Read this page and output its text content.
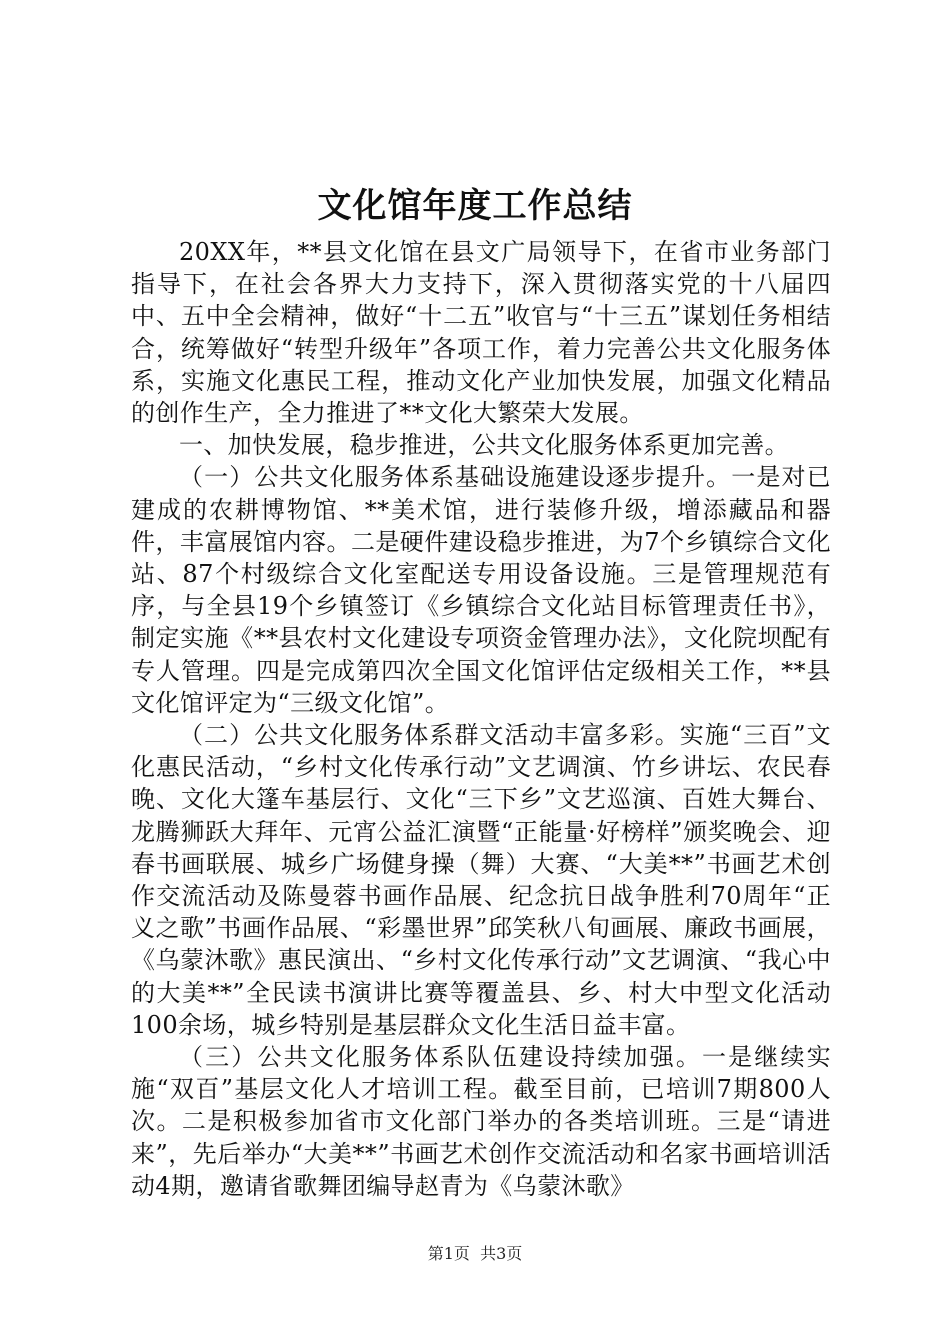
文化馆年度工作总结

20XX年，**县文化馆在县文广局领导下，在省市业务部门指导下，在社会各界大力支持下，深入贯彻落实党的十八届四中、五中全会精神，做好“十二五”收官与“十三五”谋划任务相结合，统筹做好“转型升级年”各项工作，着力完善公共文化服务体系，实施文化惠民工程，推动文化产业加快发展，加强文化精品的创作生产，全力推进了**文化大繁荣大发展。

一、加快发展，稳步推进，公共文化服务体系更加完善。

（一）公共文化服务体系基础设施建设逐步提升。一是对已建成的农耕博物馆、**美术馆，进行装修升级，增添藏品和器件，丰富展馆内容。二是硬件建设稳步推进，为7个乡镇综合文化站、87个村级综合文化室配送专用设备设施。三是管理规范有序，与全县19个乡镇签订《乡镇综合文化站目标管理责任书》，制定实施《**县农村文化建设专项资金管理办法》，文化院坝配有专人管理。四是完成第四次全国文化馆评估定级相关工作，**县文化馆评定为“三级文化馆”。

（二）公共文化服务体系群文活动丰富多彩。实施“三百”文化惠民活动，“乡村文化传承行动”文艺调演、竹乡讲坛、农民春晚、文化大篷车基层行、文化“三下乡”文艺巡演、百姓大舞台、龙腾狮跃大拜年、元宵公益汇演暨“正能量·好榜样”颁奖晚会、迎春书画联展、城乡广场健身操（舞）大赛、“大美**”书画艺术创作交流活动及陈曼蓉书画作品展、纪念抗日战争胜利70周年“正义之歌”书画作品展、“彩墨世界”邱笑秋八旬画展、廉政书画展，《乌蒙沐歌》惠民演出、“乡村文化传承行动”文艺调演、“我心中的大美**”全民读书演讲比赛等覆盖县、乡、村大中型文化活动100余场，城乡特别是基层群众文化生活日益丰富。

（三）公共文化服务体系队伍建设持续加强。一是继续实施“双百”基层文化人才培训工程。截至目前，已培训7期800人次。二是积极参加省市文化部门举办的各类培训班。三是“请进来”，先后举办“大美**”书画艺术创作交流活动和名家书画培训活动4期，邀请省歌舞团编导赵青为《乌蒙沐歌》

第1页 共3页
